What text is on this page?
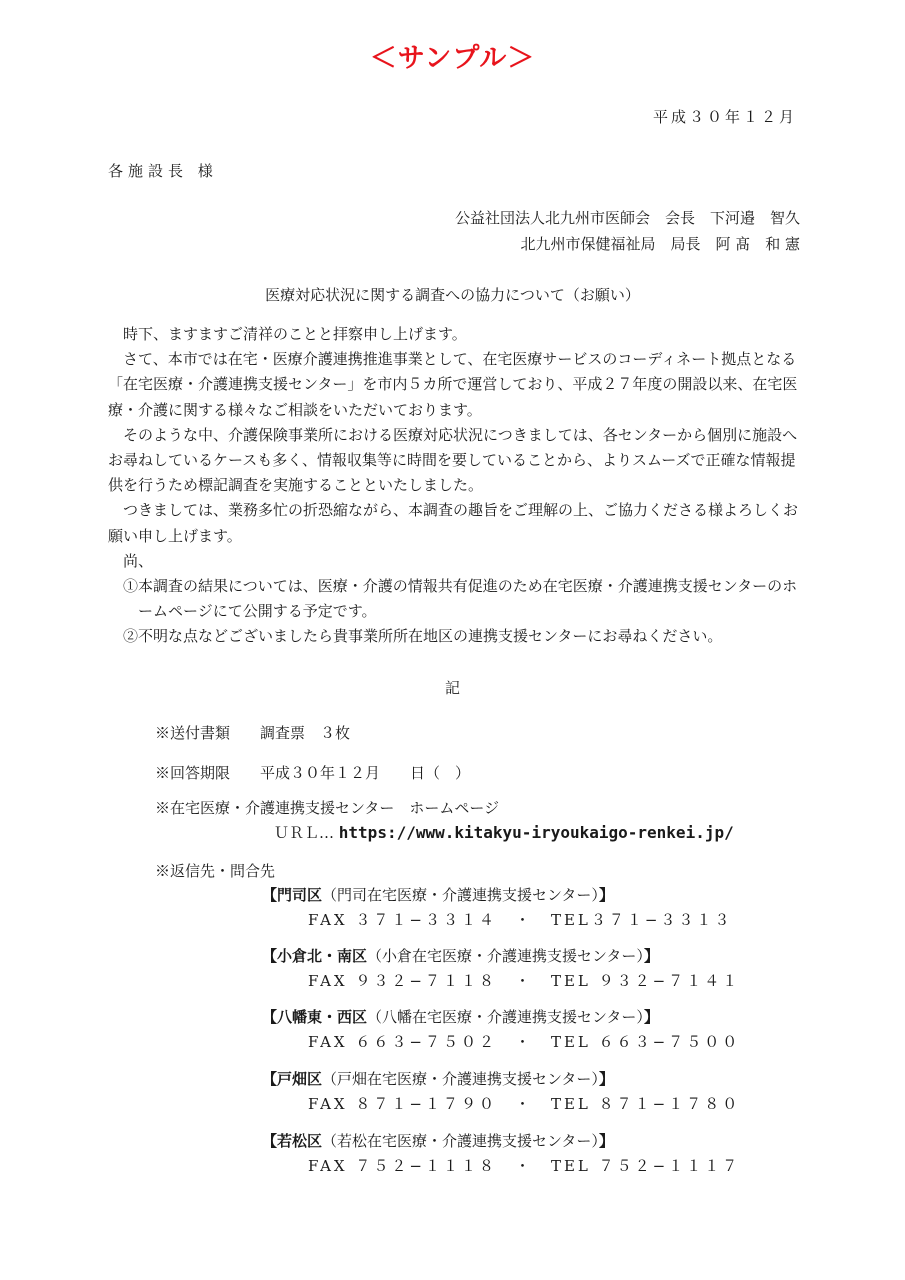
＜サンプル＞
平成３０年１２月
各施設長 様
公益社団法人北九州市医師会　会長　下河邉　智久
北九州市保健福祉局　局長　阿 髙　和 憲
医療対応状況に関する調査への協力について（お願い）

時下、ますますご清祥のことと拝察申し上げます。

さて、本市では在宅・医療介護連携推進事業として、在宅医療サービスのコーディネート拠点となる「在宅医療・介護連携支援センター」を市内５カ所で運営しており、平成２７年度の開設以来、在宅医療・介護に関する様々なご相談をいただいております。

そのような中、介護保険事業所における医療対応状況につきましては、各センターから個別に施設へお尋ねしているケースも多く、情報収集等に時間を要していることから、よりスムーズで正確な情報提供を行うため標記調査を実施することといたしました。

つきましては、業務多忙の折恐縮ながら、本調査の趣旨をご理解の上、ご協力くださる様よろしくお願い申し上げます。

尚、

①本調査の結果については、医療・介護の情報共有促進のため在宅医療・介護連携支援センターのホームページにて公開する予定です。

②不明な点などございましたら貴事業所所在地区の連携支援センターにお尋ねください。

記
※送付書類　　調査票　３枚
※回答期限　　平成３０年１２月　　日（　）
※在宅医療・介護連携支援センター　ホームページ
ＵＲＬ… https://www.kitakyu-iryoukaigo-renkei.jp/
※返信先・問合先
【門司区（門司在宅医療・介護連携支援センター）】
FAX ３７１−３３１４　・　TEL３７１−３３１３
【小倉北・南区（小倉在宅医療・介護連携支援センター）】
FAX ９３２−７１１８　・　TEL ９３２−７１４１
【八幡東・西区（八幡在宅医療・介護連携支援センター）】
FAX ６６３−７５０２　・　TEL ６６３−７５００
【戸畑区（戸畑在宅医療・介護連携支援センター）】
FAX ８７１−１７９０　・　TEL ８７１−１７８０
【若松区（若松在宅医療・介護連携支援センター）】
FAX ７５２−１１１８　・　TEL ７５２−１１１７
